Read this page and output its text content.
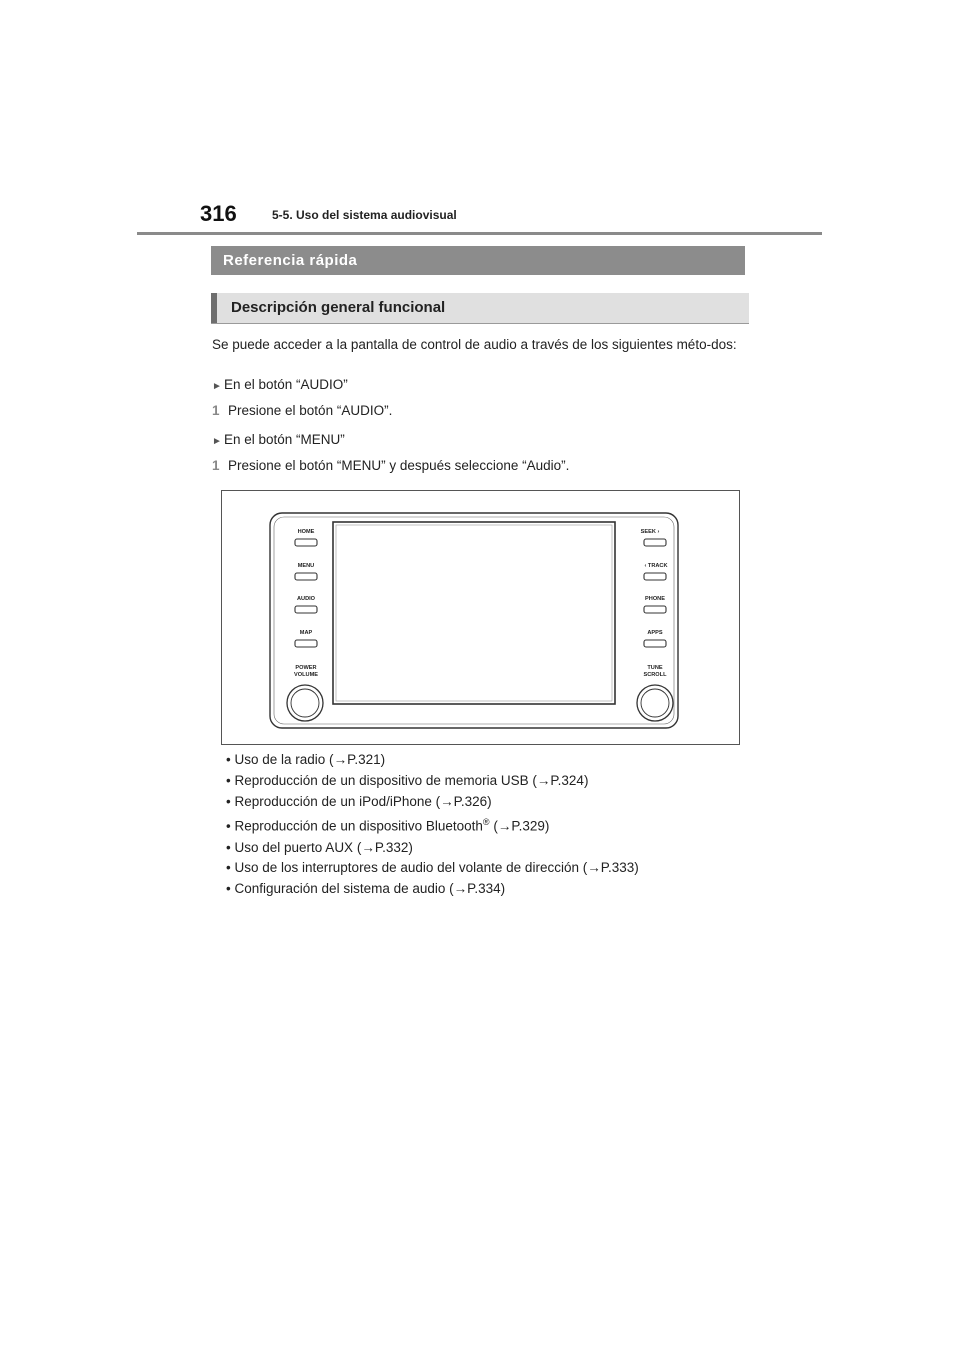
316	5-5. Uso del sistema audiovisual
Referencia rápida
Descripción general funcional
Se puede acceder a la pantalla de control de audio a través de los siguientes méto-dos:
► En el botón “AUDIO”
1 Presione el botón “AUDIO”.
► En el botón “MENU”
1 Presione el botón “MENU” y después seleccione “Audio”.
HOME
MENU
AUDIO
MAP
POWER
VOLUME
SEEK ›
‹ TRACK
PHONE
APPS
TUNE
SCROLL
• Uso de la radio (→P.321)
• Reproducción de un dispositivo de memoria USB (→P.324)
• Reproducción de un iPod/iPhone (→P.326)
• Reproducción de un dispositivo Bluetooth® (→P.329)
• Uso del puerto AUX (→P.332)
• Uso de los interruptores de audio del volante de dirección (→P.333)
• Configuración del sistema de audio (→P.334)
